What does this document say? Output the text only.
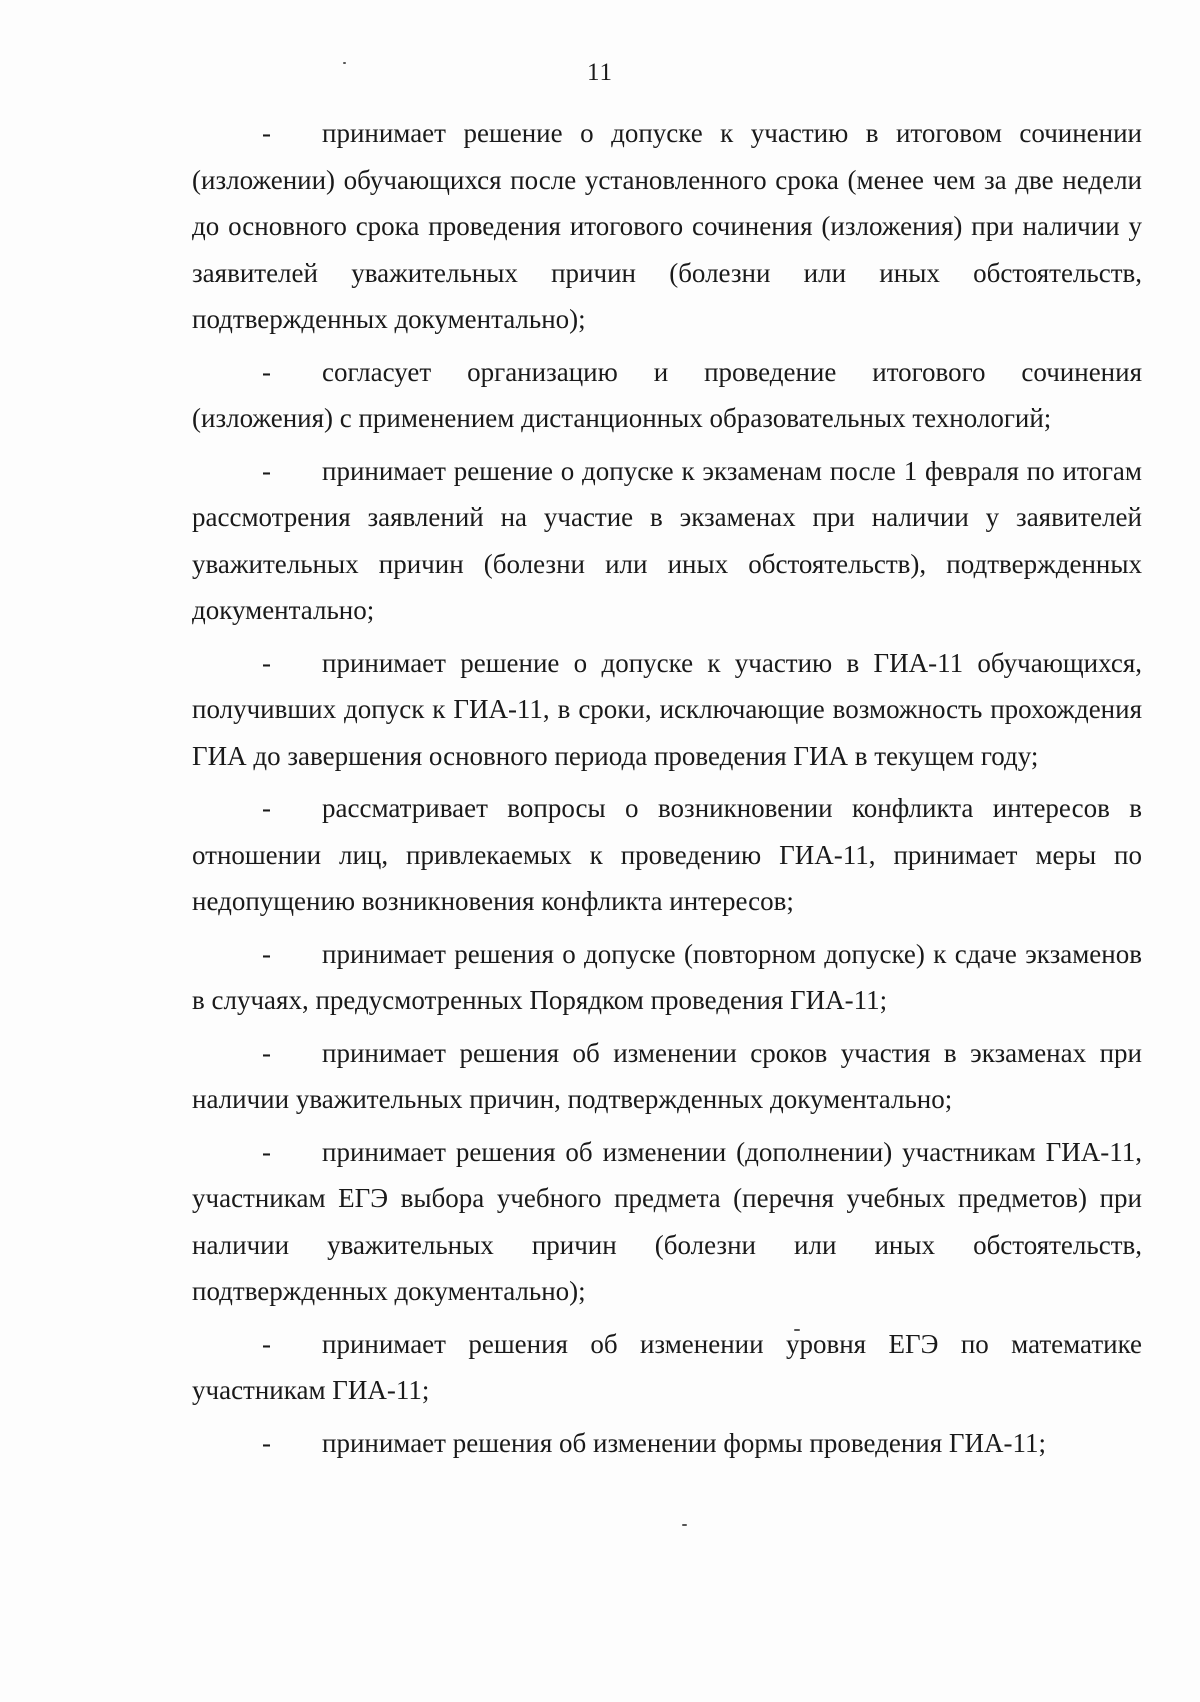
11

- принимает решение о допуске к участию в итоговом сочинении (изложении) обучающихся после установленного срока (менее чем за две недели до основного срока проведения итогового сочинения (изложения) при наличии у заявителей уважительных причин (болезни или иных обстоятельств, подтвержденных документально);

- согласует организацию и проведение итогового сочинения (изложения) с применением дистанционных образовательных технологий;

- принимает решение о допуске к экзаменам после 1 февраля по итогам рассмотрения заявлений на участие в экзаменах при наличии у заявителей уважительных причин (болезни или иных обстоятельств), подтвержденных документально;

- принимает решение о допуске к участию в ГИА-11 обучающихся, получивших допуск к ГИА-11, в сроки, исключающие возможность прохождения ГИА до завершения основного периода проведения ГИА в текущем году;

- рассматривает вопросы о возникновении конфликта интересов в отношении лиц, привлекаемых к проведению ГИА-11, принимает меры по недопущению возникновения конфликта интересов;

- принимает решения о допуске (повторном допуске) к сдаче экзаменов в случаях, предусмотренных Порядком проведения ГИА-11;

- принимает решения об изменении сроков участия в экзаменах при наличии уважительных причин, подтвержденных документально;

- принимает решения об изменении (дополнении) участникам ГИА-11, участникам ЕГЭ выбора учебного предмета (перечня учебных предметов) при наличии уважительных причин (болезни или иных обстоятельств, подтвержденных документально);

- принимает решения об изменении уровня ЕГЭ по математике участникам ГИА-11;

- принимает решения об изменении формы проведения ГИА-11;
